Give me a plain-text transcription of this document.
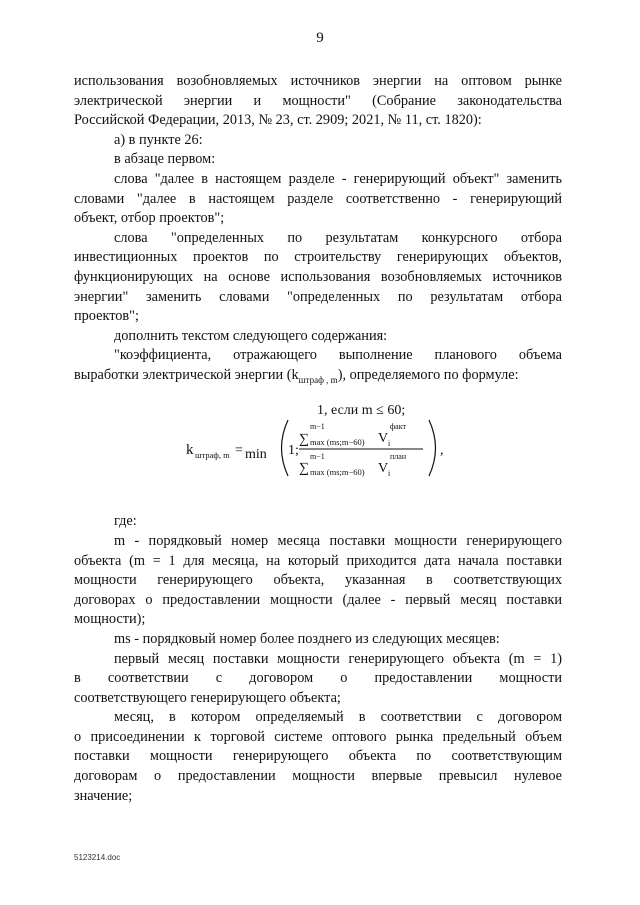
9

использования возобновляемых источников энергии на оптовом рынке

электрической энергии и мощности" (Собрание законодательства

Российской Федерации, 2013, № 23, ст. 2909; 2021, № 11, ст. 1820):

а) в пункте 26:

в абзаце первом:

слова "далее в настоящем разделе - генерирующий объект" заменить

словами "далее в настоящем разделе соответственно - генерирующий

объект, отбор проектов";

слова "определенных по результатам конкурсного отбора

инвестиционных проектов по строительству генерирующих объектов,

функционирующих на основе использования возобновляемых источников

энергии" заменить словами "определенных по результатам отбора

проектов";

дополнить текстом следующего содержания:

"коэффициента, отражающего выполнение планового объема

выработки электрической энергии $(k_{штраф , m})$, определяемого по формуле:

k штраф, m = min
1, если m ≤ 60;
1;
∑
m−1
max (ms;m−60) V
факт
i
∑
m−1
max (ms;m−60) V
план
i
,

где:

m - порядковый номер месяца поставки мощности генерирующего

объекта (m = 1 для месяца, на который приходится дата начала поставки

мощности генерирующего объекта, указанная в соответствующих

договорах о предоставлении мощности (далее - первый месяц поставки

мощности);

ms - порядковый номер более позднего из следующих месяцев:

первый месяц поставки мощности генерирующего объекта (m = 1)

в соответствии с договором о предоставлении мощности

соответствующего генерирующего объекта;

месяц, в котором определяемый в соответствии с договором

о присоединении к торговой системе оптового рынка предельный объем

поставки мощности генерирующего объекта по соответствующим

договорам о предоставлении мощности впервые превысил нулевое

значение;

5123214.doc
